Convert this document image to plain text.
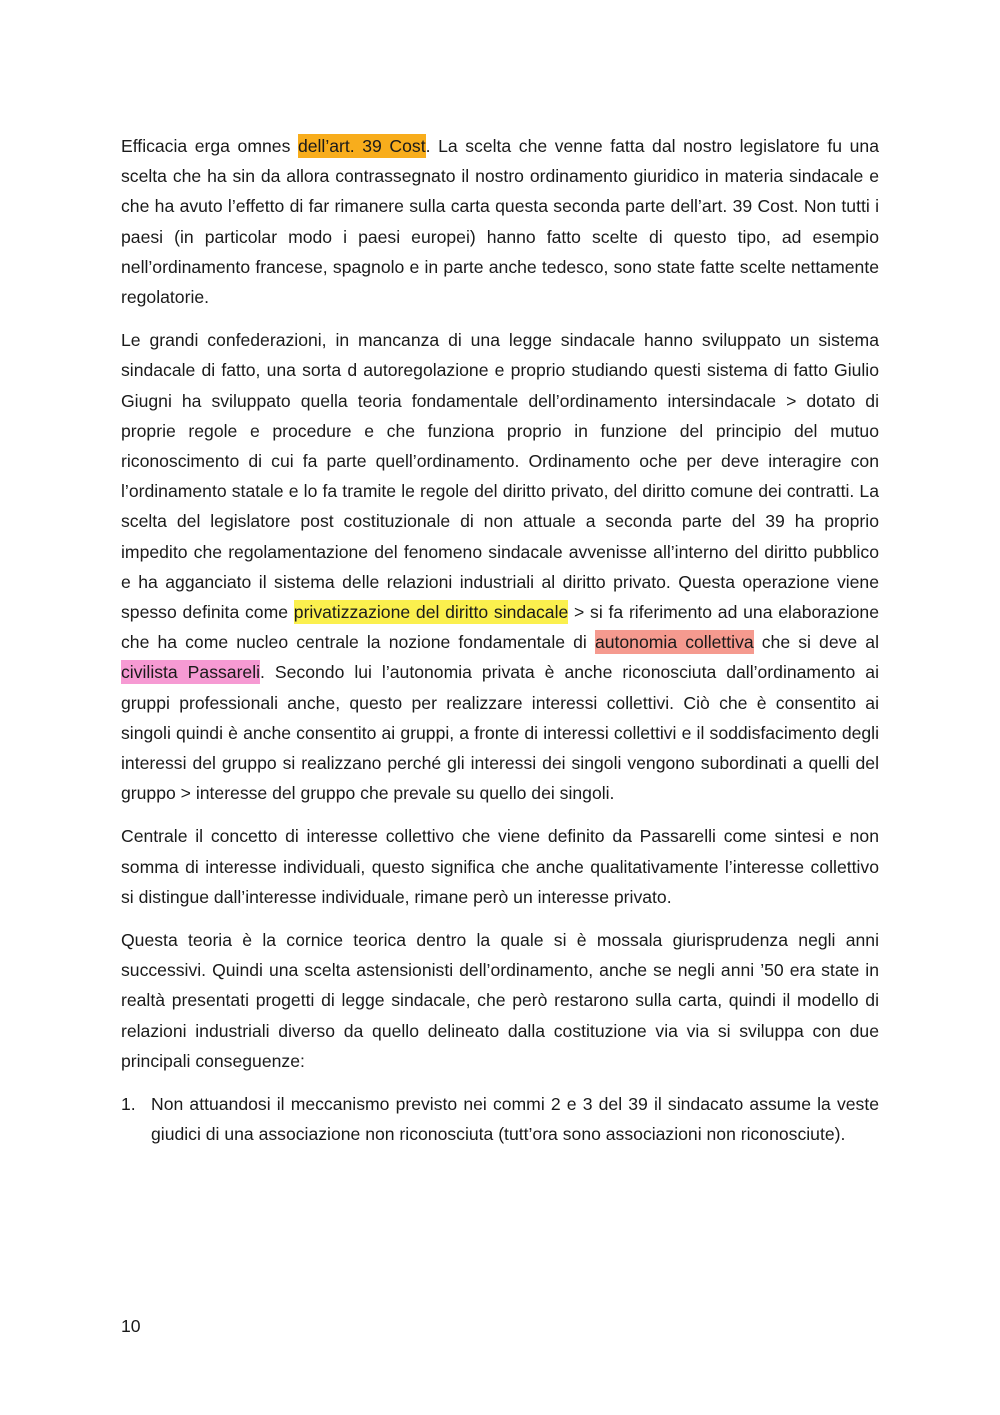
Efficacia erga omnes dell’art. 39 Cost. La scelta che venne fatta dal nostro legislatore fu una scelta che ha sin da allora contrassegnato il nostro ordinamento giuridico in materia sindacale e che ha avuto l’effetto di far rimanere sulla carta questa seconda parte dell’art. 39 Cost. Non tutti i paesi (in particolar modo i paesi europei) hanno fatto scelte di questo tipo, ad esempio nell’ordinamento francese, spagnolo e in parte anche tedesco, sono state fatte scelte nettamente regolatorie.

Le grandi confederazioni, in mancanza di una legge sindacale hanno sviluppato un sistema sindacale di fatto, una sorta d autoregolazione e proprio studiando questi sistema di fatto Giulio Giugni ha sviluppato quella teoria fondamentale dell’ordinamento intersindacale > dotato di proprie regole e procedure e che funziona proprio in funzione del principio del mutuo riconoscimento di cui fa parte quell’ordinamento. Ordinamento oche per deve interagire con l’ordinamento statale e lo fa tramite le regole del diritto privato, del diritto comune dei contratti. La scelta del legislatore post costituzionale di non attuale a seconda parte del 39 ha proprio impedito che regolamentazione del fenomeno sindacale avvenisse all’interno del diritto pubblico e ha agganciato il sistema delle relazioni industriali al diritto privato. Questa operazione viene spesso definita come privatizzazione del diritto sindacale > si fa riferimento ad una elaborazione che ha come nucleo centrale la nozione fondamentale di autonomia collettiva che si deve al civilista Passareli. Secondo lui l’autonomia privata è anche riconosciuta dall’ordinamento ai gruppi professionali anche, questo per realizzare interessi collettivi. Ciò che è consentito ai singoli quindi è anche consentito ai gruppi, a fronte di interessi collettivi e il soddisfacimento degli interessi del gruppo si realizzano perché gli interessi dei singoli vengono subordinati a quelli del gruppo > interesse del gruppo che prevale su quello dei singoli.

Centrale il concetto di interesse collettivo che viene definito da Passarelli come sintesi e non somma di interesse individuali, questo significa che anche qualitativamente l’interesse collettivo si distingue dall’interesse individuale, rimane però un interesse privato.

Questa teoria è la cornice teorica dentro la quale si è mossala giurisprudenza negli anni successivi. Quindi una scelta astensionisti dell’ordinamento, anche se negli anni ’50 era state in realtà presentati progetti di legge sindacale, che però restarono sulla carta, quindi il modello di relazioni industriali diverso da quello delineato dalla costituzione via via si sviluppa con due principali conseguenze:

1. Non attuandosi il meccanismo previsto nei commi 2 e 3 del 39 il sindacato assume la veste giudici di una associazione non riconosciuta (tutt’ora sono associazioni non riconosciute).
10
